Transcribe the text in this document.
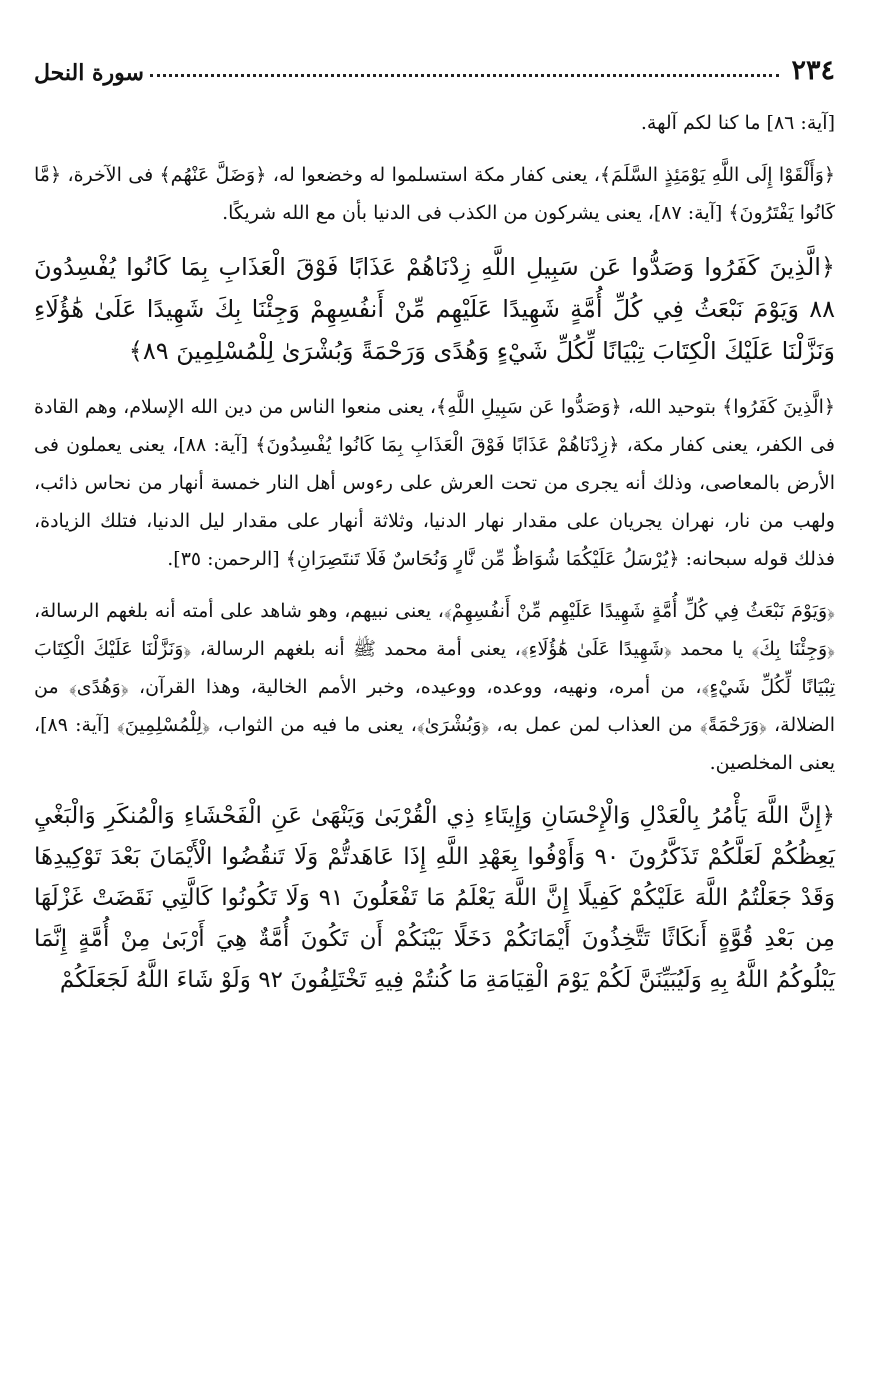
٢٣٤
سورة النحل

[آية: ٨٦] ما كنا لكم آلهة.

﴿وَأَلْقَوْا إِلَى اللَّهِ يَوْمَئِذٍ السَّلَمَ﴾، يعنى كفار مكة استسلموا له وخضعوا له، ﴿وَضَلَّ عَنْهُم﴾ فى الآخرة، ﴿مَّا كَانُوا يَفْتَرُونَ﴾ [آية: ٨٧]، يعنى يشركون من الكذب فى الدنيا بأن مع الله شريكًا.

﴿الَّذِينَ كَفَرُوا وَصَدُّوا عَن سَبِيلِ اللَّهِ زِدْنَاهُمْ عَذَابًا فَوْقَ الْعَذَابِ بِمَا كَانُوا يُفْسِدُونَ ٨٨ وَيَوْمَ نَبْعَثُ فِي كُلِّ أُمَّةٍ شَهِيدًا عَلَيْهِم مِّنْ أَنفُسِهِمْ وَجِئْنَا بِكَ شَهِيدًا عَلَىٰ هَٰؤُلَاءِ وَنَزَّلْنَا عَلَيْكَ الْكِتَابَ تِبْيَانًا لِّكُلِّ شَيْءٍ وَهُدًى وَرَحْمَةً وَبُشْرَىٰ لِلْمُسْلِمِينَ ٨٩﴾

﴿الَّذِينَ كَفَرُوا﴾ بتوحيد الله، ﴿وَصَدُّوا عَن سَبِيلِ اللَّهِ﴾، يعنى منعوا الناس من دين الله الإسلام، وهم القادة فى الكفر، يعنى كفار مكة، ﴿زِدْنَاهُمْ عَذَابًا فَوْقَ الْعَذَابِ بِمَا كَانُوا يُفْسِدُونَ﴾ [آية: ٨٨]، يعنى يعملون فى الأرض بالمعاصى، وذلك أنه يجرى من تحت العرش على رءوس أهل النار خمسة أنهار من نحاس ذائب، ولهب من نار، نهران يجريان على مقدار نهار الدنيا، وثلاثة أنهار على مقدار ليل الدنيا، فتلك الزيادة، فذلك قوله سبحانه: ﴿يُرْسَلُ عَلَيْكُمَا شُوَاظٌ مِّن نَّارٍ وَنُحَاسٌ فَلَا تَنتَصِرَانِ﴾ [الرحمن: ٣٥].

﴿وَيَوْمَ نَبْعَثُ فِي كُلِّ أُمَّةٍ شَهِيدًا عَلَيْهِم مِّنْ أَنفُسِهِمْ﴾، يعنى نبيهم، وهو شاهد على أمته أنه بلغهم الرسالة، ﴿وَجِئْنَا بِكَ﴾ يا محمد ﴿شَهِيدًا عَلَىٰ هَٰؤُلَاءِ﴾، يعنى أمة محمد ﷺ أنه بلغهم الرسالة، ﴿وَنَزَّلْنَا عَلَيْكَ الْكِتَابَ تِبْيَانًا لِّكُلِّ شَيْءٍ﴾، من أمره، ونهيه، ووعده، ووعيده، وخبر الأمم الخالية، وهذا القرآن، ﴿وَهُدًى﴾ من الضلالة، ﴿وَرَحْمَةً﴾ من العذاب لمن عمل به، ﴿وَبُشْرَىٰ﴾، يعنى ما فيه من الثواب، ﴿لِلْمُسْلِمِينَ﴾ [آية: ٨٩]، يعنى المخلصين.

﴿إِنَّ اللَّهَ يَأْمُرُ بِالْعَدْلِ وَالْإِحْسَانِ وَإِيتَاءِ ذِي الْقُرْبَىٰ وَيَنْهَىٰ عَنِ الْفَحْشَاءِ وَالْمُنكَرِ وَالْبَغْيِ يَعِظُكُمْ لَعَلَّكُمْ تَذَكَّرُونَ ٩٠ وَأَوْفُوا بِعَهْدِ اللَّهِ إِذَا عَاهَدتُّمْ وَلَا تَنقُضُوا الْأَيْمَانَ بَعْدَ تَوْكِيدِهَا وَقَدْ جَعَلْتُمُ اللَّهَ عَلَيْكُمْ كَفِيلًا إِنَّ اللَّهَ يَعْلَمُ مَا تَفْعَلُونَ ٩١ وَلَا تَكُونُوا كَالَّتِي نَقَضَتْ غَزْلَهَا مِن بَعْدِ قُوَّةٍ أَنكَاثًا تَتَّخِذُونَ أَيْمَانَكُمْ دَخَلًا بَيْنَكُمْ أَن تَكُونَ أُمَّةٌ هِيَ أَرْبَىٰ مِنْ أُمَّةٍ إِنَّمَا يَبْلُوكُمُ اللَّهُ بِهِ وَلَيُبَيِّنَنَّ لَكُمْ يَوْمَ الْقِيَامَةِ مَا كُنتُمْ فِيهِ تَخْتَلِفُونَ ٩٢ وَلَوْ شَاءَ اللَّهُ لَجَعَلَكُمْ
